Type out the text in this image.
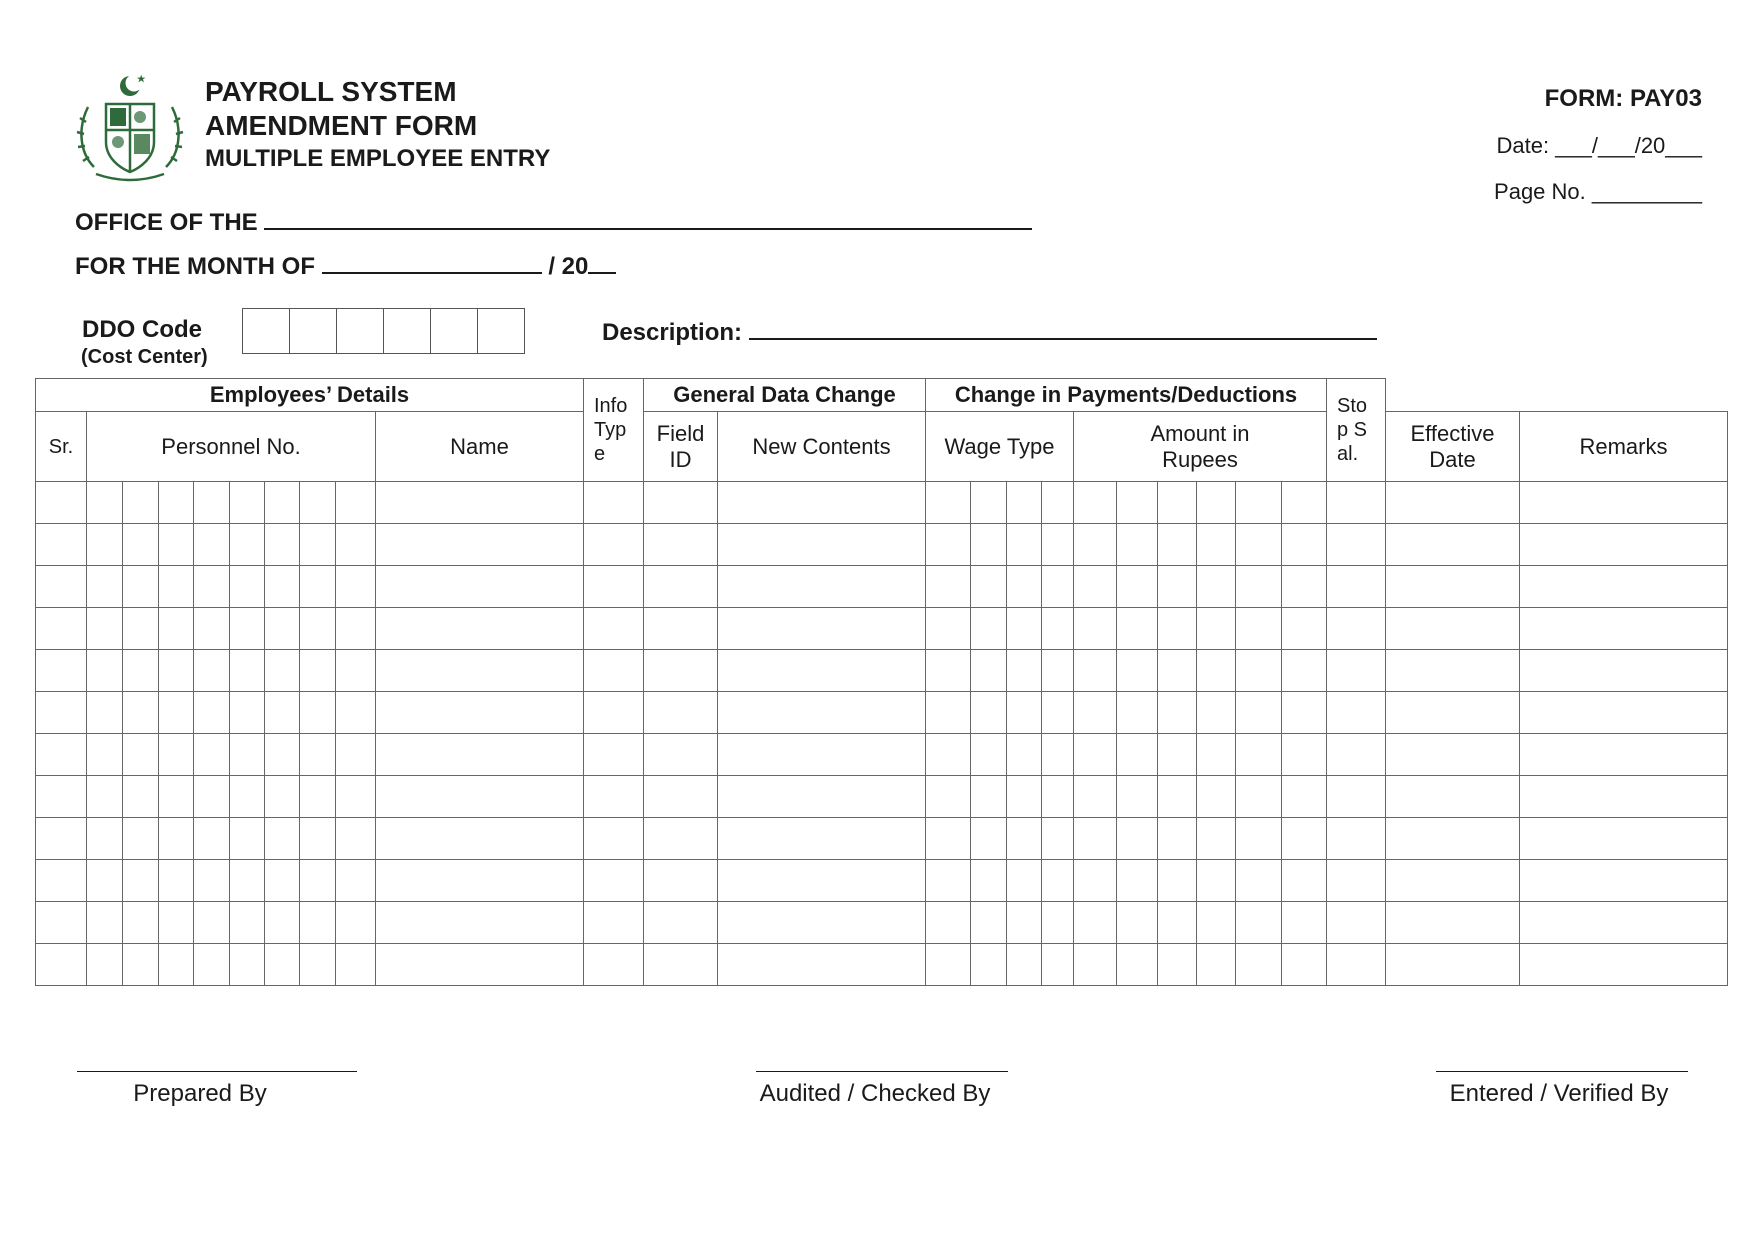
PAYROLL SYSTEM
AMENDMENT FORM
MULTIPLE EMPLOYEE ENTRY
FORM: PAY03
Date: ___/___/20___
Page No. _________
OFFICE OF THE
FOR THE MONTH OF	/ 20
DDO Code
(Cost Center)
Description:
Employees’ Details										Info Typ e	General Data Change		Change in Payments/Deductions										Sto p Sal.		
Sr.	Personnel No.								Name		Field ID	New Contents	Wage Type				Amount in Rupees							Effective Date	Remarks

Prepared By	Audited / Checked By	Entered / Verified By
